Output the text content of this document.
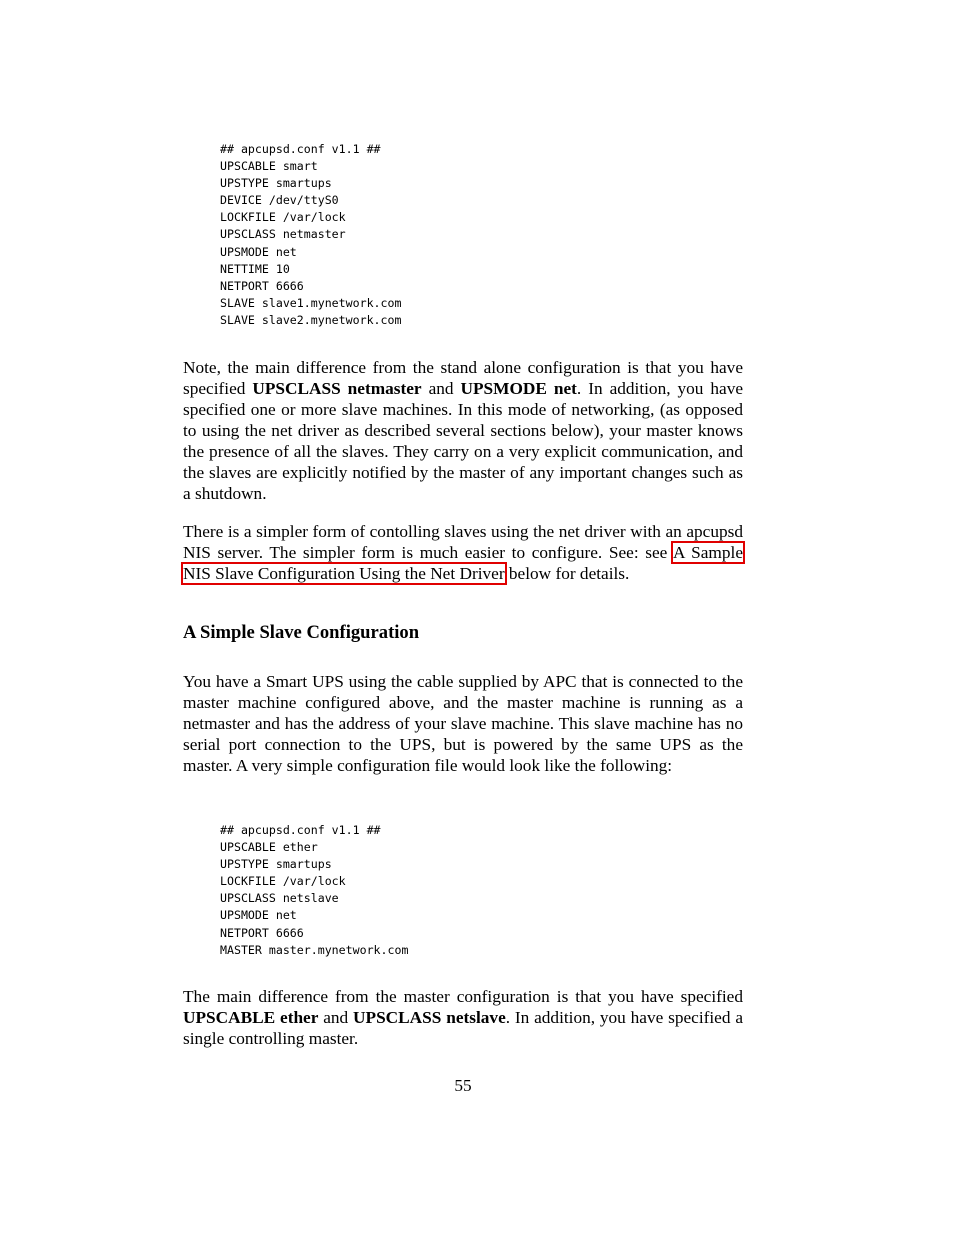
## apcupsd.conf v1.1 ##
UPSCABLE smart
UPSTYPE smartups
DEVICE /dev/ttyS0
LOCKFILE /var/lock
UPSCLASS netmaster
UPSMODE net
NETTIME 10
NETPORT 6666
SLAVE slave1.mynetwork.com
SLAVE slave2.mynetwork.com

Note, the main difference from the stand alone configuration is that you have specified UPSCLASS netmaster and UPSMODE net. In addition, you have specified one or more slave machines. In this mode of networking, (as opposed to using the net driver as described several sections below), your master knows the presence of all the slaves. They carry on a very explicit communication, and the slaves are explicitly notified by the master of any important changes such as a shutdown.

There is a simpler form of contolling slaves using the net driver with an apcupsd NIS server. The simpler form is much easier to configure. See: see A Sample NIS Slave Configuration Using the Net Driver below for details.

A Simple Slave Configuration

You have a Smart UPS using the cable supplied by APC that is connected to the master machine configured above, and the master machine is running as a netmaster and has the address of your slave machine. This slave machine has no serial port connection to the UPS, but is powered by the same UPS as the master. A very simple configuration file would look like the following:

## apcupsd.conf v1.1 ##
UPSCABLE ether
UPSTYPE smartups
LOCKFILE /var/lock
UPSCLASS netslave
UPSMODE net
NETPORT 6666
MASTER master.mynetwork.com

The main difference from the master configuration is that you have specified UPSCABLE ether and UPSCLASS netslave. In addition, you have specified a single controlling master.

55
